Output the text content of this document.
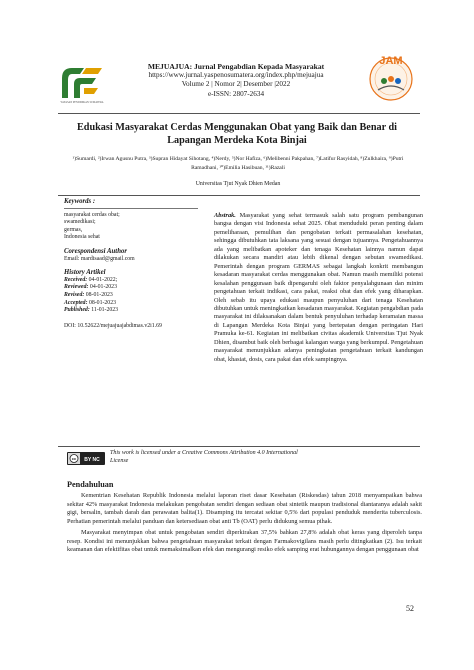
YAYASAN PENDIDIKAN SUMATERA
MEJUAJUA: Jurnal Pengabdian Kepada Masyarakat
https://www.jurnal.yaspenosumatera.org/index.php/mejuajua
Volume 2 | Nomor 2| Desember |2022
e-ISSN: 2807-2634
JAM
Edukasi Masyarakat Cerdas Menggunakan Obat yang Baik dan Benar di Lapangan Merdeka Kota Binjai
¹)Sumardi, ²)Irwan Agusnu Putra, ³)Supran Hidayat Sihotang, ⁴)Nerdy, ⁵)Nor Hafiza, ⁶)Melibenni Pakpahan, ⁷)Latifur Rasyidah, ⁸)Zulkhaira, ⁹)Putri Ramadhani, ¹⁰)Emilia Hasibuan, ¹¹)Razali
Universitas Tjut Nyak Dhien Medan
Keywords :
masyarakat cerdas obat;
swamedikasi;
germas,
Indonesia sehat
Corespondensi Author
Email: mardisaad@gmail.com
History Artikel
Received: 04-01-2022;
Reviewed: 04-01-2023
Revised: 08-01-2023
Accepted: 08-01-2023
Published: 11-01-2023
DOI: 10.52622/mejuajuajabdimas.v2i1.69
Abstrak. Masyarakat yang sehat termasuk salah satu program pembangunan bangsa dengan visi Indonesia sehat 2025. Obat menduduki peran penting dalam pemeliharaan, pemulihan dan pengobatan terkait permasalahan kesehatan, sehingga dibutuhkan tata laksana yang sesuai dengan tujuannya. Pengetahuannya ada yang melibatkan apoteker dan tenaga Kesehatan lainnya namun dapat dilakukan secara mandiri atau lebih dikenal dengan sebutan swamedikasi. Pemerintah dengan program GERMAS sebagai langkah konkrit membangun kesadaran masyarakat cerdas menggunakan obat. Namun masih memiliki potensi kesalahan penggunaan baik dipengaruhi oleh faktor penyalahgunaan dan minim pengetahuan terkait indikasi, cara pakai, reaksi obat dan efek yang diharapkan. Oleh sebab itu upaya edukasi maupun penyuluhan dari tenaga Kesehatan dibutuhkan untuk meningkatkan kesadaran masyarakat. Kegiatan pengabdian pada masyarakat ini dilaksanakan dalam bentuk penyuluhan terhadap keramaian massa di Lapangan Merdeka Kota Binjai yang bertepatan dengan peringatan Hari Pramuka ke-61. Kegiatan ini melibatkan civitas akademik Universitas Tjut Nyak Dhien, disambut baik oleh berbagai kalangan warga yang berkumpul. Pengetahuan masyarakat menunjukkan adanya peningkatan pengetahuan terkait kandungan obat, khasiat, dosis, cara pakai dan efek sampingnya.
cc BY NC
This work is licensed under a Creative Commons Attribution 4.0 International License
Pendahuluan

Kementrian Kesehatan Republik Indonesia melalui laporan riset dasar Kesehatan (Riskesdas) tahun 2018 menyampaikan bahwa sekitar 42% masyarakat Indonesia melakukan pengobatan sendiri dengan sediaan obat sintetik maupun tradisional diantaranya adalah sakit gigi, bersalin, tambah darah dan perawatan balita(1). Disamping itu tercatat sekitar 0,5% dari populasi penduduk menderita tuberculosis. Perhatian pemerintah melalui panduan dan ketersediaan obat anti Tb (OAT) perlu didukung semua pihak.

Masyarakat menyimpan obat untuk pengobatan sendiri diperkirakan 37,5% bahkan 27,8% adalah obat keras yang diperoleh tanpa resep. Kondisi ini menunjukkan bahwa pengetahuan masyarakat terkait dengan Farmakovigilans masih perlu ditingkatkan (2). Isu terkait keamanan dan efektifitas obat untuk memaksimalkan efek dan mengurangi resiko efek samping erat hubungannya dengan penggunaan obat

52
